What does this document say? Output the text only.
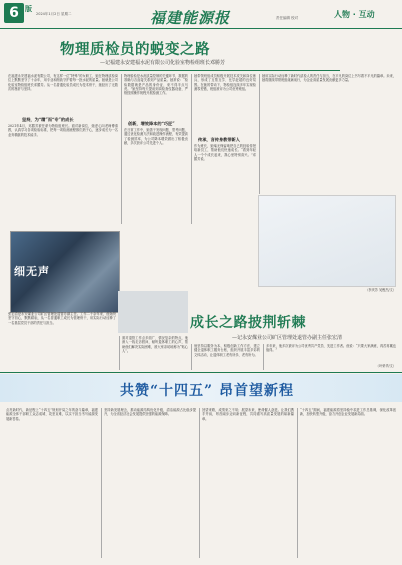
6 版
2024年1月2日 星期二	福建能源报	责任编辑 校对	人物 · 互动
物理质检员的蜕变之路
—记福建永安建福水泥有限公司化验室物检组班长邓勝芳
在福建永安建福水泥有限公司，有这样一位“特殊”的女职工，她在物理质检岗位上默默坚守了十余年，用专业和细致守护着每一批水泥的质量。她就是公司化验室物检组班长邓勝芳。从一名普通化验员成长为技术骨干，她经历了无数次的挫折与坚持。
坚持，为“精”而“专”的成长
2021年4月，邓勝芳被任命为物检组班长。面对新岗位，她虚心向老师傅请教，认真学习各项检验标准，把每一项检测流程都烂熟于心，逐步成长为一名业务精湛的技术能手。
物理检验是水泥质量控制的关键环节，数据的准确与否直接关系到产品质量。她常说：“检验数据就是产品的身份证，来不得半点马虎。”她坚持每天提前到岗检查仪器设备，严格按照操作规程开展检测工作。
创新，增效降本的“巧匠”
在日常工作中，她善于发现问题、思考问题，通过优化检测方法和改进操作流程，有效提高了检测效率，为公司降本增效做出了积极贡献，多次获评公司先进个人。
她带领班组成员积极开展技术攻关和岗位练兵，形成了互帮互学、比学赶超的良好氛围。在她的带动下，物检组连续多年实现检测零差错，班组被评为公司优秀班组。
传承，言传身教带新人
作为班长，她毫无保留地把自己的经验传授给新员工，帮助他们快速成长。“看到年轻人一个个成长起来，我心里特别高兴。”邓勝芳说。
她用实际行动诠释了新时代质检人的责任与担当，在平凡的岗位上书写着不平凡的篇章。未来，她将继续带领班组砥砺前行，为企业高质量发展贡献更多力量。
（李庆芳 吴俊杰/文）
细无声
成长之路披荆斩棘
—记永安煤业公司矿区管理处退管办副主任张宏清
张宏清是永安煤业公司矿区管理处退管办副主任。工作二十余年来，他始终坚守初心，默默耕耘，从一名普通职工成长为管理骨干，用实际行动诠释了一名基层党员干部的责任与担当。
面对退管工作点多面广、情况复杂的特点，他深入一线走访慰问，倾听退休职工的心声，帮助他们解决实际困难，被大家亲切地称为“贴心人”。
他坚持以服务为本，积极创新工作方法，建立健全退休职工服务台账，组织开展丰富多彩的文体活动，让退休职工老有所乐、老有所为。
多年来，他多次被评为公司优秀共产党员、先进工作者。他说：“只要大家满意，再苦再累也值得。”
（叶荣华/文）
共赞“十四五” 昂首望新程
点亮新时代，新征程上“十四五”规划开局之年的奋斗篇章，福建能源全体干部职工众志成城、攻坚克难，以实干担当书写能源发展新答卷。
坚持新发展理念，推动能源结构优化升级，清洁能源占比稳步提升，为全省经济社会发展提供坚强的能源保障。
回望来路，成绩来之不易；展望未来，使命催人奋进。让我们携手并肩，昂首阔步迈向新征程，共同谱写高质量发展的崭新篇章。
“十四五”期间，福建能源将坚持稳中求进工作总基调，深化改革创新，加快转型升级，奋力开创企业发展新局面。
